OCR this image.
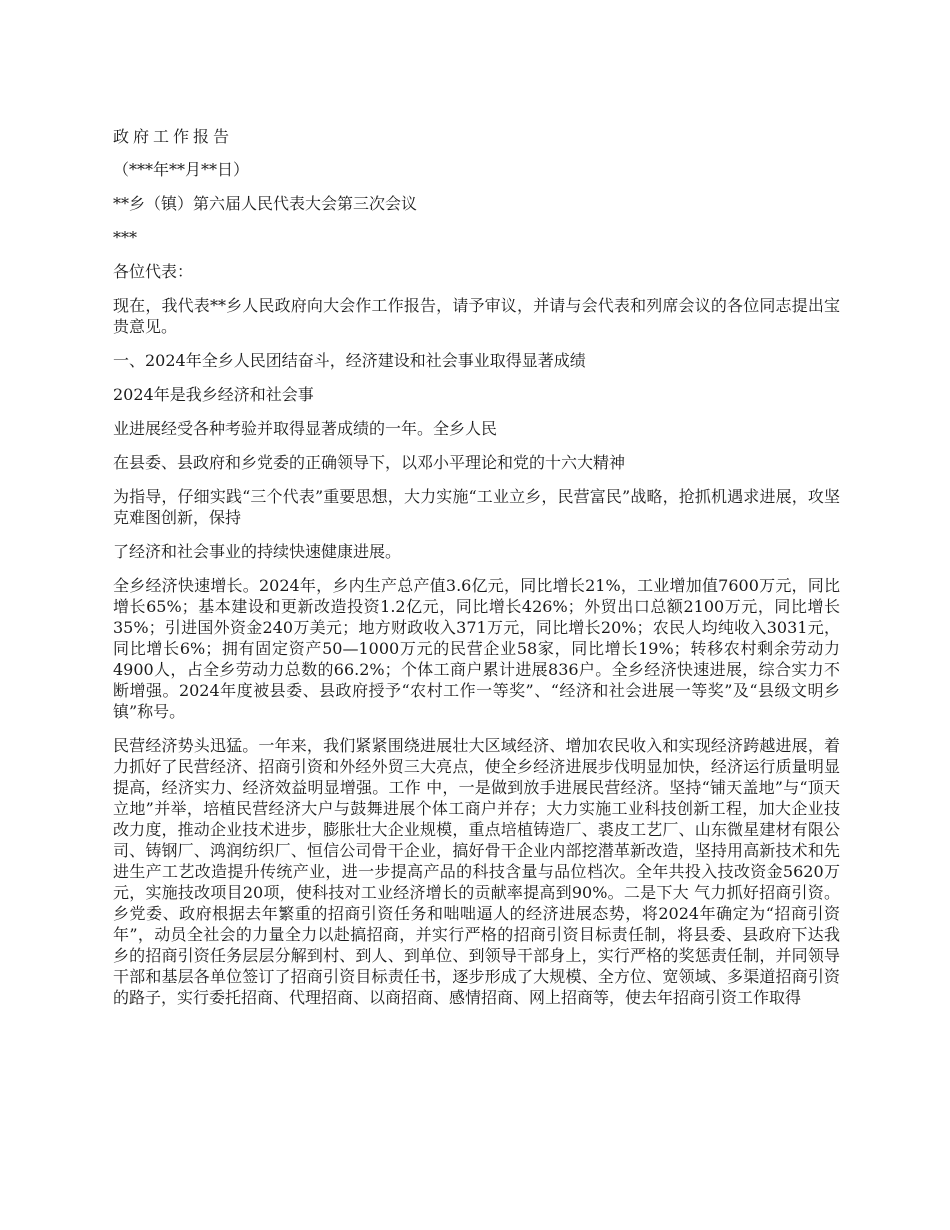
政府工作报告

（***年**月**日）

**乡（镇）第六届人民代表大会第三次会议

***

各位代表：

现在，我代表**乡人民政府向大会作工作报告，请予审议，并请与会代表和列席会议的各位同志提出宝贵意见。

一、2024年全乡人民团结奋斗，经济建设和社会事业取得显著成绩

2024年是我乡经济和社会事

业进展经受各种考验并取得显著成绩的一年。全乡人民

在县委、县政府和乡党委的正确领导下，以邓小平理论和党的十六大精神

为指导，仔细实践“三个代表”重要思想，大力实施“工业立乡，民营富民”战略，抢抓机遇求进展，攻坚克难图创新，保持

了经济和社会事业的持续快速健康进展。

全乡经济快速增长。2024年，乡内生产总产值3.6亿元，同比增长21%，工业增加值7600万元，同比增长65%；基本建设和更新改造投资1.2亿元，同比增长426%；外贸出口总额2100万元，同比增长35%；引进国外资金240万美元；地方财政收入371万元，同比增长20%；农民人均纯收入3031元，同比增长6%；拥有固定资产50—1000万元的民营企业58家，同比增长19%；转移农村剩余劳动力4900人，占全乡劳动力总数的66.2%；个体工商户累计进展836户。全乡经济快速进展，综合实力不断增强。2024年度被县委、县政府授予“农村工作一等奖”、“经济和社会进展一等奖”及“县级文明乡镇”称号。

民营经济势头迅猛。一年来，我们紧紧围绕进展壮大区域经济、增加农民收入和实现经济跨越进展，着力抓好了民营经济、招商引资和外经外贸三大亮点，使全乡经济进展步伐明显加快，经济运行质量明显提高，经济实力、经济效益明显增强。工作 中，一是做到放手进展民营经济。坚持“铺天盖地”与“顶天立地”并举，培植民营经济大户与鼓舞进展个体工商户并存；大力实施工业科技创新工程，加大企业技改力度，推动企业技术进步，膨胀壮大企业规模，重点培植铸造厂、裘皮工艺厂、山东微星建材有限公司、铸钢厂、鸿润纺织厂、恒信公司骨干企业，搞好骨干企业内部挖潜革新改造，坚持用高新技术和先进生产工艺改造提升传统产业，进一步提高产品的科技含量与品位档次。全年共投入技改资金5620万元，实施技改项目20项，使科技对工业经济增长的贡献率提高到90%。二是下大 气力抓好招商引资。乡党委、政府根据去年繁重的招商引资任务和咄咄逼人的经济进展态势，将2024年确定为“招商引资年”，动员全社会的力量全力以赴搞招商，并实行严格的招商引资目标责任制，将县委、县政府下达我乡的招商引资任务层层分解到村、到人、到单位、到领导干部身上，实行严格的奖惩责任制，并同领导干部和基层各单位签订了招商引资目标责任书，逐步形成了大规模、全方位、宽领域、多渠道招商引资的路子，实行委托招商、代理招商、以商招商、感情招商、网上招商等，使去年招商引资工作取得
